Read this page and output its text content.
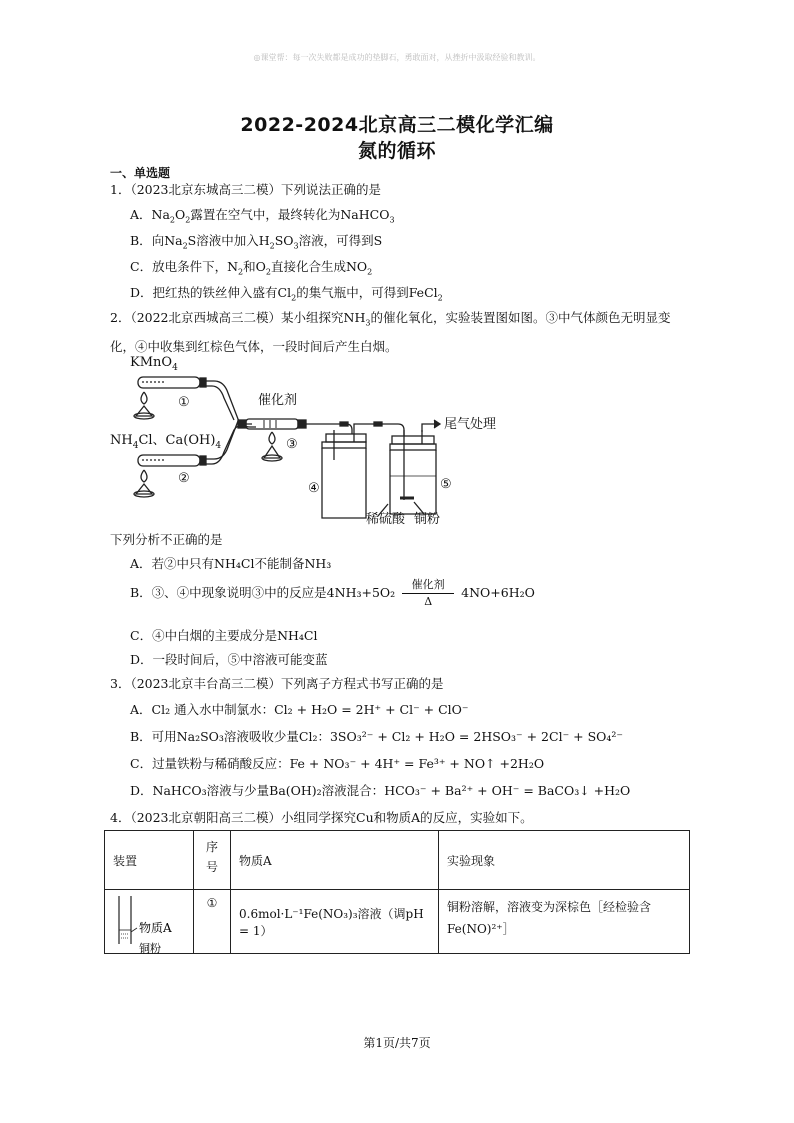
◎课堂帮：每一次失败都是成功的垫脚石，勇敢面对，从挫折中汲取经验和教训。
2022-2024北京高三二模化学汇编
氮的循环
一、单选题
1．（2023北京东城高三二模）下列说法正确的是
A．$Na_2O_2$露置在空气中，最终转化为NaHCO$_3$
B．向$Na_2S$溶液中加入$H_2SO_3$溶液，可得到S
C．放电条件下，$N_2$和$O_2$直接化合生成$NO_2$
D．把红热的铁丝伸入盛有$Cl_2$的集气瓶中，可得到FeCl$_2$
2．（2022北京西城高三二模）某小组探究$NH_3$的催化氧化，实验装置图如图。③中气体颜色无明显变化，④中收集到红棕色气体，一段时间后产生白烟。
KMnO$_4$
①
$NH_4Cl$、$Ca(OH)_4$
②
催化剂
③
④
尾气处理
⑤
稀硫酸 铜粉
下列分析不正确的是
A．若②中只有NH₄Cl不能制备NH₃
B．③、④中现象说明③中的反应是$4NH_3+5O_2 \frac{\text{催化剂}}{\Delta} 4NO+6H_2O$
C．④中白烟的主要成分是NH₄Cl
D．一段时间后，⑤中溶液可能变蓝
3．（2023北京丰台高三二模）下列离子方程式书写正确的是
A．Cl₂ 通入水中制氯水：Cl₂ + H₂O = 2H⁺ + Cl⁻ + ClO⁻
B．可用Na₂SO₃溶液吸收少量Cl₂：3SO₃²⁻ + Cl₂ + H₂O = 2HSO₃⁻ + 2Cl⁻ + SO₄²⁻
C．过量铁粉与稀硝酸反应：Fe + NO₃⁻ + 4H⁺ = Fe³⁺ + NO↑ +2H₂O
D．NaHCO₃溶液与少量Ba(OH)₂溶液混合：HCO₃⁻ + Ba²⁺ + OH⁻ = BaCO₃↓ +H₂O
4．（2023北京朝阳高三二模）小组同学探究Cu和物质A的反应，实验如下。
装置	序
号	物质A	实验现象

物质A
铜粉	①	0.6mol·L⁻¹Fe(NO₃)₃溶液（调pH = 1）	铜粉溶解，溶液变为深棕色［经检验含
Fe(NO)²⁺］
第1页/共7页
